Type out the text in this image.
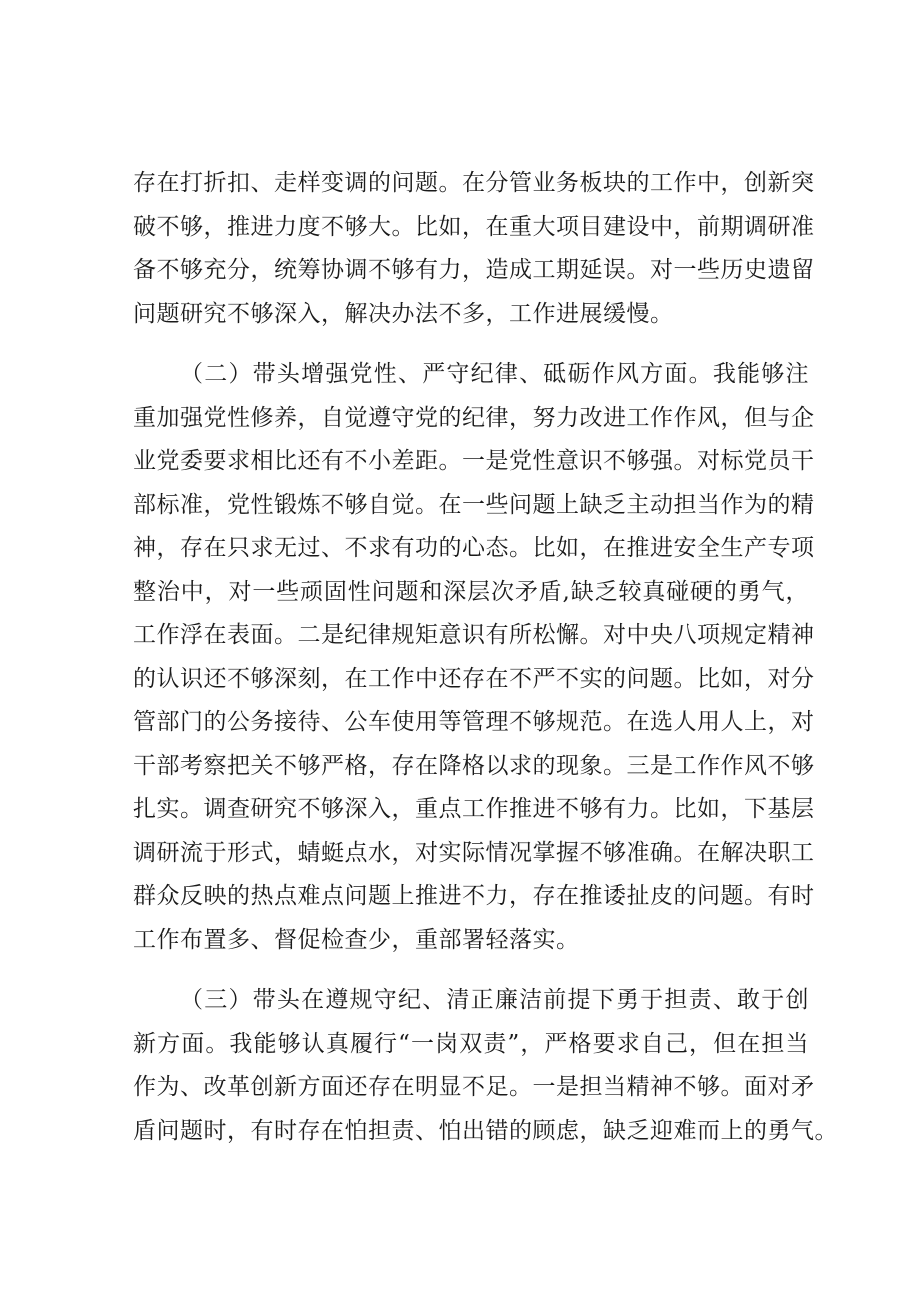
存在打折扣、走样变调的问题。在分管业务板块的工作中，创新突
破不够，推进力度不够大。比如，在重大项目建设中，前期调研准
备不够充分，统筹协调不够有力，造成工期延误。对一些历史遗留
问题研究不够深入，解决办法不多，工作进展缓慢。
（二）带头增强党性、严守纪律、砥砺作风方面。我能够注
重加强党性修养，自觉遵守党的纪律，努力改进工作作风，但与企
业党委要求相比还有不小差距。一是党性意识不够强。对标党员干
部标准，党性锻炼不够自觉。在一些问题上缺乏主动担当作为的精
神，存在只求无过、不求有功的心态。比如，在推进安全生产专项
整治中，对一些顽固性问题和深层次矛盾,缺乏较真碰硬的勇气，
工作浮在表面。二是纪律规矩意识有所松懈。对中央八项规定精神
的认识还不够深刻，在工作中还存在不严不实的问题。比如，对分
管部门的公务接待、公车使用等管理不够规范。在选人用人上，对
干部考察把关不够严格，存在降格以求的现象。三是工作作风不够
扎实。调查研究不够深入，重点工作推进不够有力。比如，下基层
调研流于形式，蜻蜓点水，对实际情况掌握不够准确。在解决职工
群众反映的热点难点问题上推进不力，存在推诿扯皮的问题。有时
工作布置多、督促检查少，重部署轻落实。
（三）带头在遵规守纪、清正廉洁前提下勇于担责、敢于创
新方面。我能够认真履行“一岗双责”，严格要求自己，但在担当
作为、改革创新方面还存在明显不足。一是担当精神不够。面对矛
盾问题时，有时存在怕担责、怕出错的顾虑，缺乏迎难而上的勇气。
